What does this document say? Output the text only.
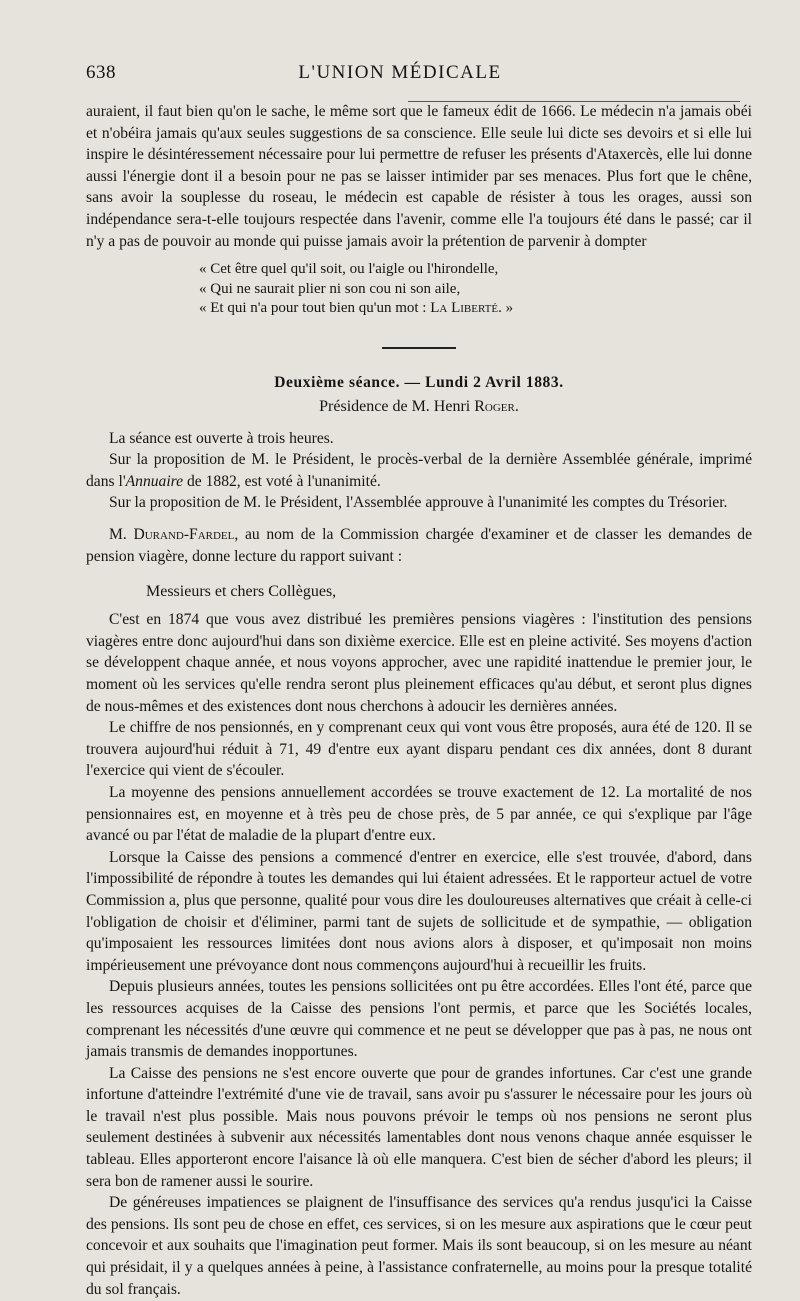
638	L'UNION MÉDICALE

auraient, il faut bien qu'on le sache, le même sort que le fameux édit de 1666. Le médecin n'a jamais obéi et n'obéira jamais qu'aux seules suggestions de sa conscience. Elle seule lui dicte ses devoirs et si elle lui inspire le désintéressement nécessaire pour lui permettre de refuser les présents d'Ataxercès, elle lui donne aussi l'énergie dont il a besoin pour ne pas se laisser intimider par ses menaces. Plus fort que le chêne, sans avoir la souplesse du roseau, le médecin est capable de résister à tous les orages, aussi son indépendance sera-t-elle toujours respectée dans l'avenir, comme elle l'a toujours été dans le passé; car il n'y a pas de pouvoir au monde qui puisse jamais avoir la prétention de parvenir à dompter

« Cet être quel qu'il soit, ou l'aigle ou l'hirondelle,
« Qui ne saurait plier ni son cou ni son aile,
« Et qui n'a pour tout bien qu'un mot : La Liberté. »
Deuxième séance. — Lundi 2 Avril 1883.
Présidence de M. Henri Roger.

La séance est ouverte à trois heures.

Sur la proposition de M. le Président, le procès-verbal de la dernière Assemblée générale, imprimé dans l'Annuaire de 1882, est voté à l'unanimité.

Sur la proposition de M. le Président, l'Assemblée approuve à l'unanimité les comptes du Trésorier.

M. Durand-Fardel, au nom de la Commission chargée d'examiner et de classer les demandes de pension viagère, donne lecture du rapport suivant :

Messieurs et chers Collègues,

C'est en 1874 que vous avez distribué les premières pensions viagères : l'institution des pensions viagères entre donc aujourd'hui dans son dixième exercice. Elle est en pleine activité. Ses moyens d'action se développent chaque année, et nous voyons approcher, avec une rapidité inattendue le premier jour, le moment où les services qu'elle rendra seront plus pleinement efficaces qu'au début, et seront plus dignes de nous-mêmes et des existences dont nous cherchons à adoucir les dernières années.

Le chiffre de nos pensionnés, en y comprenant ceux qui vont vous être proposés, aura été de 120. Il se trouvera aujourd'hui réduit à 71, 49 d'entre eux ayant disparu pendant ces dix années, dont 8 durant l'exercice qui vient de s'écouler.

La moyenne des pensions annuellement accordées se trouve exactement de 12. La mortalité de nos pensionnaires est, en moyenne et à très peu de chose près, de 5 par année, ce qui s'explique par l'âge avancé ou par l'état de maladie de la plupart d'entre eux.

Lorsque la Caisse des pensions a commencé d'entrer en exercice, elle s'est trouvée, d'abord, dans l'impossibilité de répondre à toutes les demandes qui lui étaient adressées. Et le rapporteur actuel de votre Commission a, plus que personne, qualité pour vous dire les douloureuses alternatives que créait à celle-ci l'obligation de choisir et d'éliminer, parmi tant de sujets de sollicitude et de sympathie, — obligation qu'imposaient les ressources limitées dont nous avions alors à disposer, et qu'imposait non moins impérieusement une prévoyance dont nous commençons aujourd'hui à recueillir les fruits.

Depuis plusieurs années, toutes les pensions sollicitées ont pu être accordées. Elles l'ont été, parce que les ressources acquises de la Caisse des pensions l'ont permis, et parce que les Sociétés locales, comprenant les nécessités d'une œuvre qui commence et ne peut se développer que pas à pas, ne nous ont jamais transmis de demandes inopportunes.

La Caisse des pensions ne s'est encore ouverte que pour de grandes infortunes. Car c'est une grande infortune d'atteindre l'extrémité d'une vie de travail, sans avoir pu s'assurer le nécessaire pour les jours où le travail n'est plus possible. Mais nous pouvons prévoir le temps où nos pensions ne seront plus seulement destinées à subvenir aux nécessités lamentables dont nous venons chaque année esquisser le tableau. Elles apporteront encore l'aisance là où elle manquera. C'est bien de sécher d'abord les pleurs; il sera bon de ramener aussi le sourire.

De généreuses impatiences se plaignent de l'insuffisance des services qu'a rendus jusqu'ici la Caisse des pensions. Ils sont peu de chose en effet, ces services, si on les mesure aux aspirations que le cœur peut concevoir et aux souhaits que l'imagination peut former. Mais ils sont beaucoup, si on les mesure au néant qui présidait, il y a quelques années à peine, à l'assistance confraternelle, au moins pour la presque totalité du sol français.
